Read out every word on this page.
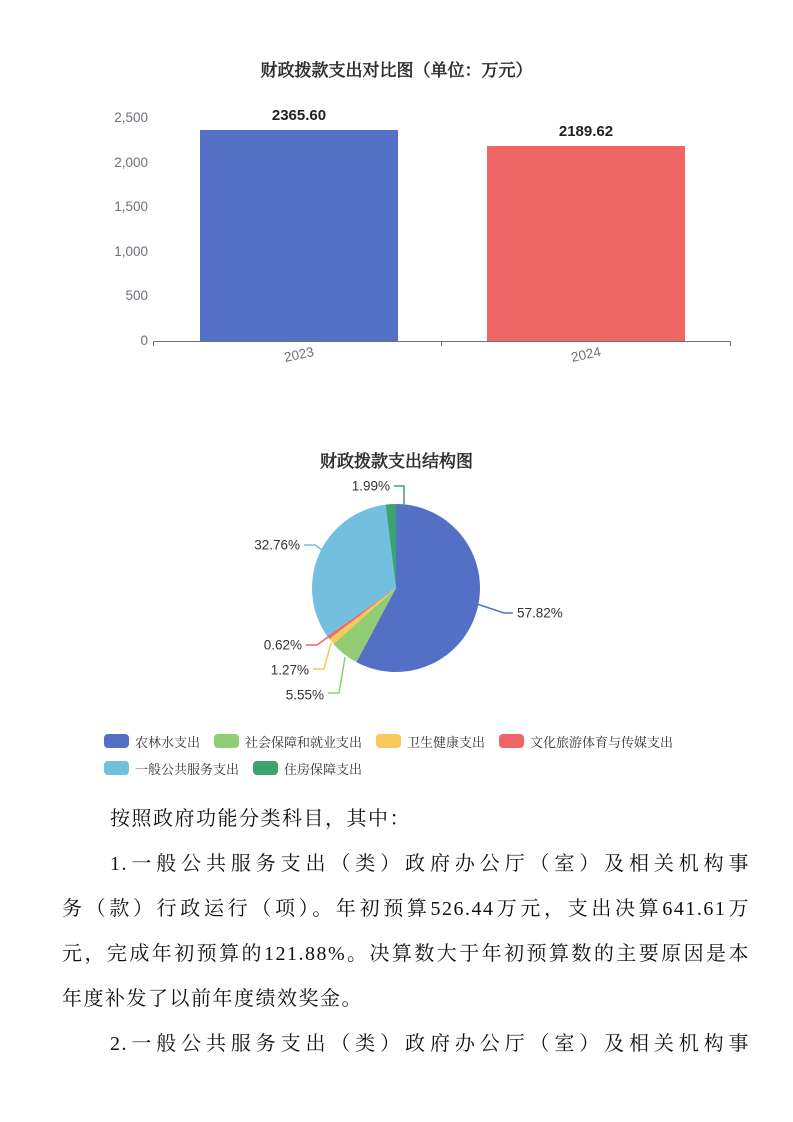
财政拨款支出对比图（单位：万元）
2,500
2,000
1,500
1,000
500
0
2365.60
2023
2189.62
2024
财政拨款支出结构图
57.82%
5.55%
1.27%
0.62%
32.76%
1.99%
农林水支出	社会保障和就业支出	卫生健康支出	文化旅游体育与传媒支出
一般公共服务支出	住房保障支出
按照政府功能分类科目，其中：
1.一般公共服务支出（类）政府办公厅（室）及相关机构事
务（款）行政运行（项）。年初预算526.44万元，支出决算641.61万
元，完成年初预算的121.88%。决算数大于年初预算数的主要原因是本
年度补发了以前年度绩效奖金。
2.一般公共服务支出（类）政府办公厅（室）及相关机构事
